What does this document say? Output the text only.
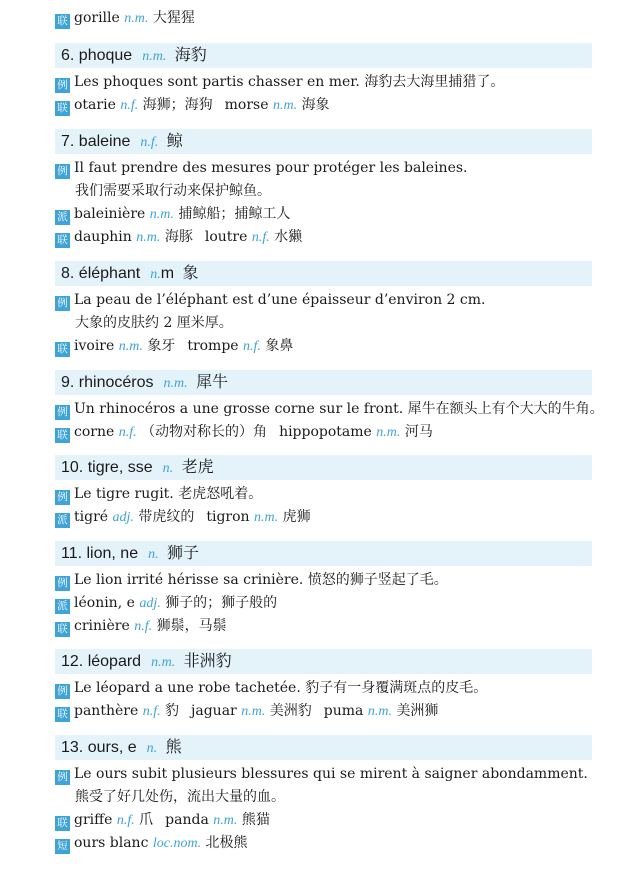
联 gorille n.m. 大猩猩
6. phoque n.m. 海豹
例 Les phoques sont partis chasser en mer. 海豹去大海里捕猎了。
联 otarie n.f. 海狮；海狗 morse n.m. 海象
7. baleine n.f. 鲸
例 Il faut prendre des mesures pour protéger les baleines.
我们需要采取行动来保护鲸鱼。
派 baleinière n.m. 捕鲸船；捕鲸工人
联 dauphin n.m. 海豚 loutre n.f. 水獭
8. éléphant n.m 象
例 La peau de l’éléphant est d’une épaisseur d’environ 2 cm.
大象的皮肤约 2 厘米厚。
联 ivoire n.m. 象牙 trompe n.f. 象鼻
9. rhinocéros n.m. 犀牛
例 Un rhinocéros a une grosse corne sur le front. 犀牛在额头上有个大大的牛角。
联 corne n.f. （动物对称长的）角 hippopotame n.m. 河马
10. tigre, sse n. 老虎
例 Le tigre rugit. 老虎怒吼着。
派 tigré adj. 带虎纹的 tigron n.m. 虎狮
11. lion, ne n. 狮子
例 Le lion irrité hérisse sa crinière. 愤怒的狮子竖起了毛。
派 léonin, e adj. 狮子的；狮子般的
联 crinière n.f. 狮鬃，马鬃
12. léopard n.m. 非洲豹
例 Le léopard a une robe tachetée. 豹子有一身覆满斑点的皮毛。
联 panthère n.f. 豹 jaguar n.m. 美洲豹 puma n.m. 美洲狮
13. ours, e n. 熊
例 Le ours subit plusieurs blessures qui se mirent à saigner abondamment.
熊受了好几处伤，流出大量的血。
联 griffe n.f. 爪 panda n.m. 熊猫
短 ours blanc loc.nom. 北极熊
